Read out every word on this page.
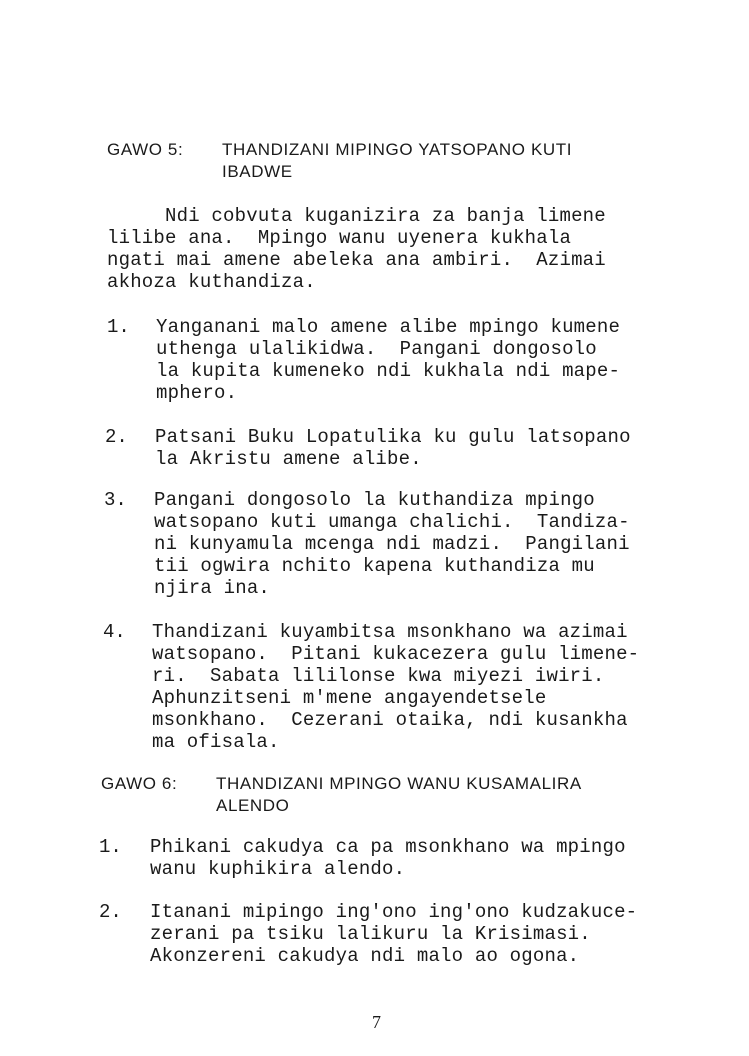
GAWO 5: THANDIZANI MIPINGO YATSOPANO KUTI
IBADWE
Ndi cobvuta kuganizira za banja limene
lilibe ana.  Mpingo wanu uyenera kukhala
ngati mai amene abeleka ana ambiri.  Azimai
akhoza kuthandiza.
1. Yanganani malo amene alibe mpingo kumene
uthenga ulalikidwa.  Pangani dongosolo
la kupita kumeneko ndi kukhala ndi mape-
mphero.
2. Patsani Buku Lopatulika ku gulu latsopano
la Akristu amene alibe.
3. Pangani dongosolo la kuthandiza mpingo
watsopano kuti umanga chalichi.  Tandiza-
ni kunyamula mcenga ndi madzi.  Pangilani
tii ogwira nchito kapena kuthandiza mu
njira ina.
4. Thandizani kuyambitsa msonkhano wa azimai
watsopano.  Pitani kukacezera gulu limene-
ri.  Sabata lililonse kwa miyezi iwiri.
Aphunzitseni m'mene angayendetsele
msonkhano.  Cezerani otaika, ndi kusankha
ma ofisala.
GAWO 6: THANDIZANI MPINGO WANU KUSAMALIRA
ALENDO
1. Phikani cakudya ca pa msonkhano wa mpingo
wanu kuphikira alendo.
2. Itanani mipingo ing'ono ing'ono kudzakuce-
zerani pa tsiku lalikuru la Krisimasi.
Akonzereni cakudya ndi malo ao ogona.
7
